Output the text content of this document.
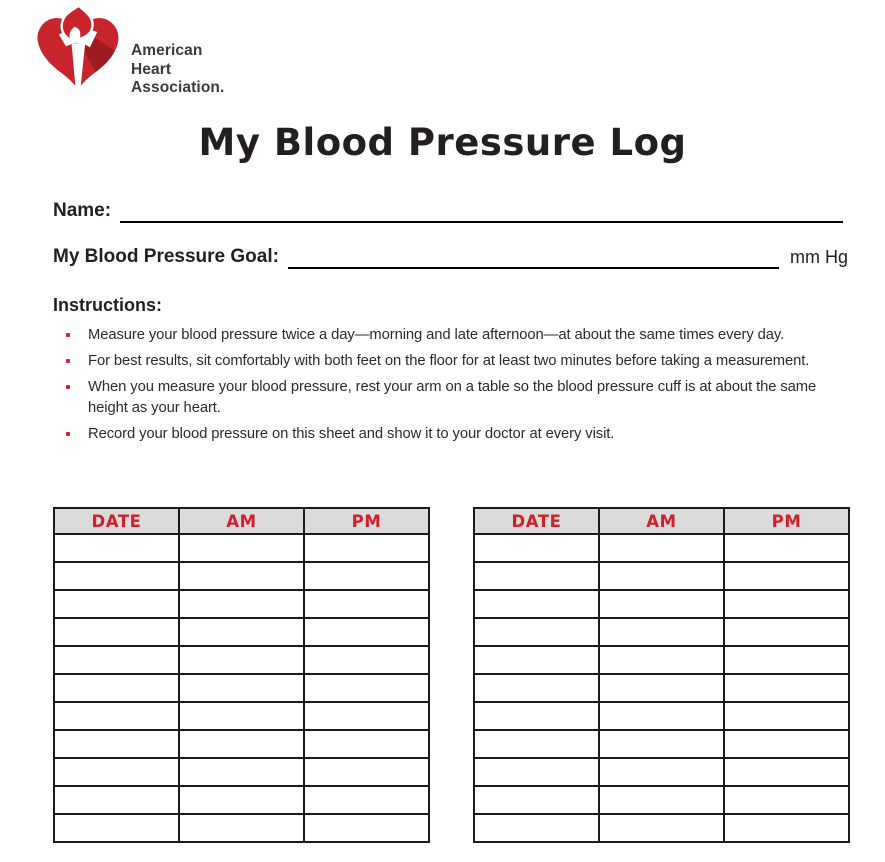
American
Heart
Association.
My Blood Pressure Log
Name:
My Blood Pressure Goal:	mm Hg
Instructions:
Measure your blood pressure twice a day—morning and late afternoon—at about the same times every day.
For best results, sit comfortably with both feet on the floor for at least two minutes before taking a measurement.
When you measure your blood pressure, rest your arm on a table so the blood pressure cuff is at about the same height as your heart.
Record your blood pressure on this sheet and show it to your doctor at every visit.
DATE	AM	PM

			DATE	AM	PM
